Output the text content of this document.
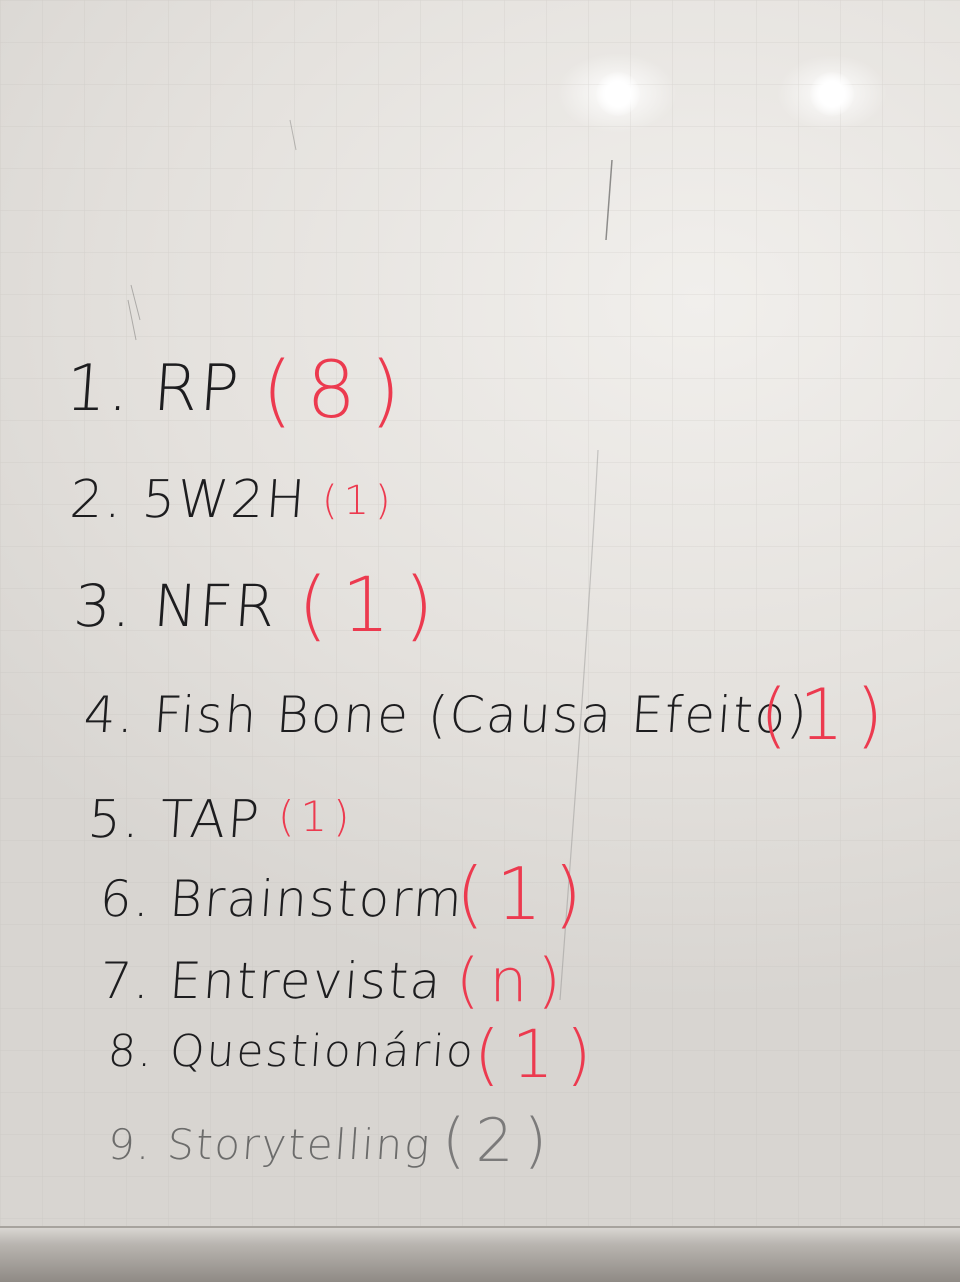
1. RP (8)
2. 5W2H (1)
3. NFR (1)
4. Fish Bone (Causa Efeito)
(1)
5. TAP (1)
6. Brainstorm
(1)
7. Entrevista (n)
8. Questionário
(1)
9. Storytelling (2)
